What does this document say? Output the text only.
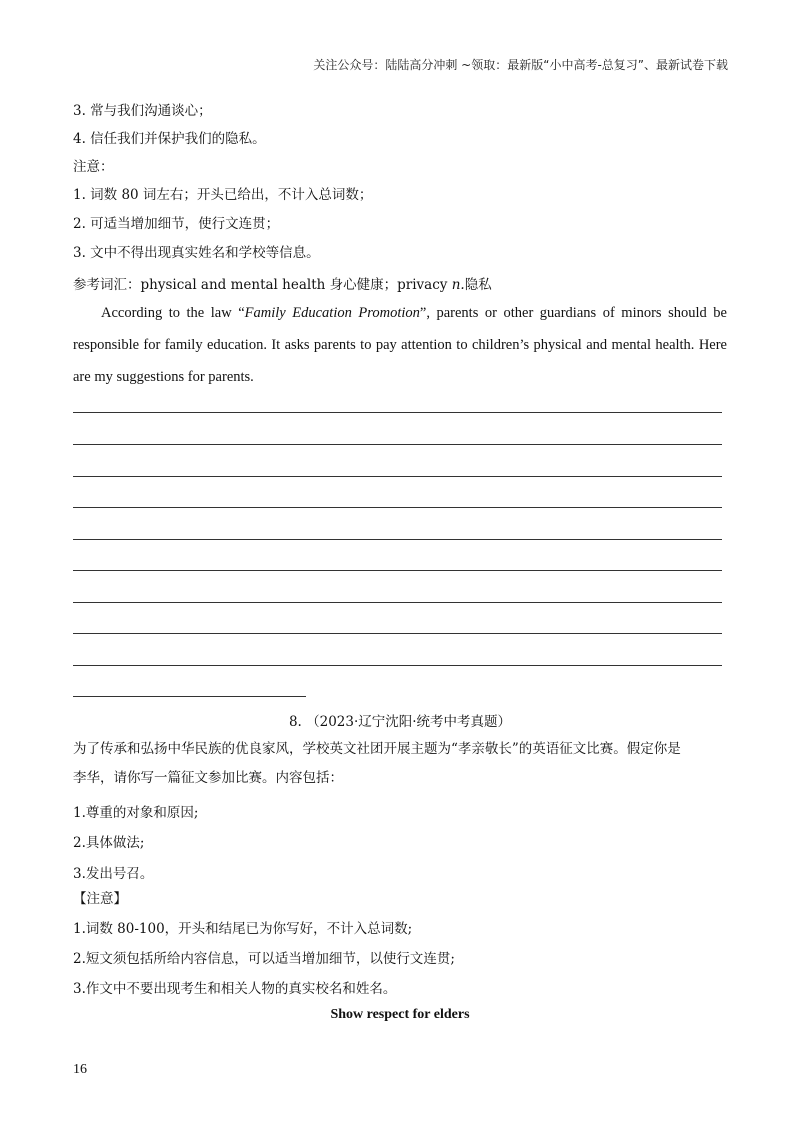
关注公众号：陆陆高分冲刺 ~领取：最新版“小中高考-总复习”、最新试卷下载
3. 常与我们沟通谈心；
4. 信任我们并保护我们的隐私。
注意：
1. 词数 80 词左右；开头已给出，不计入总词数；
2. 可适当增加细节，使行文连贯；
3. 文中不得出现真实姓名和学校等信息。
参考词汇：physical and mental health 身心健康；privacy n.隐私
According to the law “Family Education Promotion”, parents or other guardians of minors should be responsible for family education. It asks parents to pay attention to children’s physical and mental health. Here are my suggestions for parents.
8. （2023·辽宁沈阳·统考中考真题）
为了传承和弘扬中华民族的优良家风，学校英文社团开展主题为“孝亲敬长”的英语征文比赛。假定你是
李华，请你写一篇征文参加比赛。内容包括：
1.尊重的对象和原因;
2.具体做法;
3.发出号召。
【注意】
1.词数 80-100，开头和结尾已为你写好，不计入总词数;
2.短文须包括所给内容信息，可以适当增加细节，以使行文连贯;
3.作文中不要出现考生和相关人物的真实校名和姓名。
Show respect for elders
16
